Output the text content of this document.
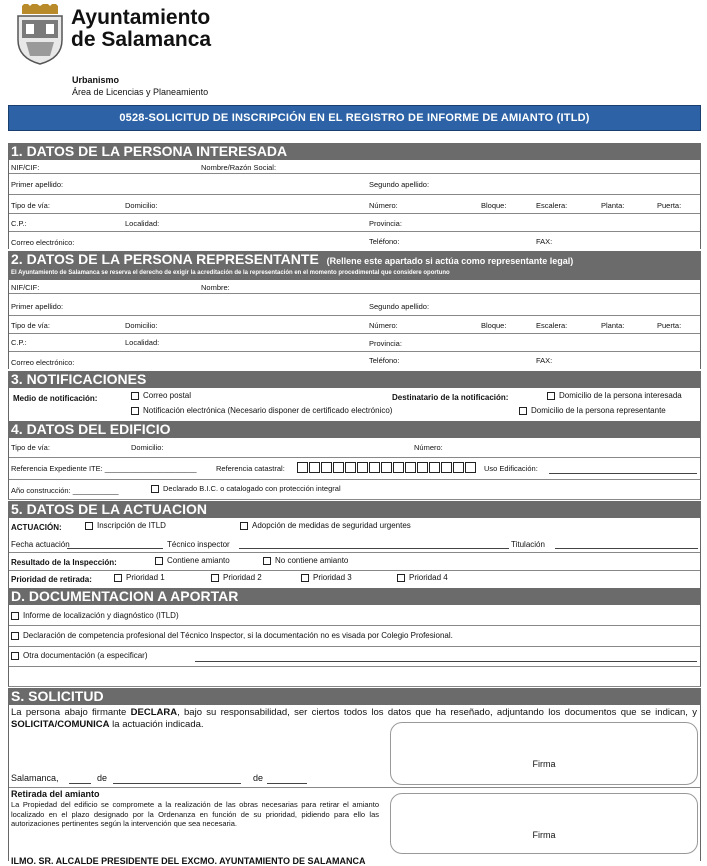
Ayuntamiento
de Salamanca
Urbanismo
Área de Licencias y Planeamiento
0528-SOLICITUD DE INSCRIPCIÓN EN EL REGISTRO DE INFORME DE AMIANTO (ITLD)
1. DATOS DE LA PERSONA INTERESADA
NIF/CIF:	Nombre/Razón Social:
Primer apellido:	Segundo apellido:
Tipo de vía:	Domicilio:	Número:	Bloque:	Escalera:	Planta:	Puerta:
C.P.:	Localidad:	Provincia:
Correo electrónico:	Teléfono:	FAX:
2. DATOS DE LA PERSONA REPRESENTANTE (Rellene este apartado si actúa como representante legal)
El Ayuntamiento de Salamanca se reserva el derecho de exigir la acreditación de la representación en el momento procedimental que considere oportuno
NIF/CIF:	Nombre:
Primer apellido:	Segundo apellido:
Tipo de vía:	Domicilio:	Número:	Bloque:	Escalera:	Planta:	Puerta:
C.P.:	Localidad:	Provincia:
Correo electrónico:	Teléfono:	FAX:
3. NOTIFICACIONES
Medio de notificación:	Correo postal
Notificación electrónica (Necesario disponer de certificado electrónico)
Destinatario de la notificación:	Domicilio de la persona interesada
Domicilio de la persona representante
4. DATOS DEL EDIFICIO
Tipo de vía:	Domicilio:	Número:
Referencia Expediente ITE: ______________________	Referencia catastral:	Uso Edificación:
Año construcción: ___________	Declarado B.I.C. o catalogado con protección integral
5. DATOS DE LA ACTUACION
ACTUACIÓN:	Inscripción de ITLD	Adopción de medidas de seguridad urgentes
Fecha actuación	Técnico inspector	Titulación
Resultado de la Inspección:	Contiene amianto	No contiene amianto
Prioridad de retirada:	Prioridad 1	Prioridad 2	Prioridad 3	Prioridad 4
D. DOCUMENTACION A APORTAR
Informe de localización y diagnóstico (ITLD)
Declaración de competencia profesional del Técnico Inspector, si la documentación no es visada por Colegio Profesional.
Otra documentación (a especificar)
S. SOLICITUD
La persona abajo firmante DECLARA, bajo su responsabilidad, ser ciertos todos los datos que ha reseñado, adjuntando los documentos que se indican, y SOLICITA/COMUNICA la actuación indicada.
Firma
Salamanca,	de	de
Retirada del amianto
La Propiedad del edificio se compromete a la realización de las obras necesarias para retirar el amianto localizado en el plazo designado por la Ordenanza en función de su prioridad, pidiendo para ello las autorizaciones pertinentes según la intervención que sea necesaria.
Firma
ILMO. SR. ALCALDE PRESIDENTE DEL EXCMO. AYUNTAMIENTO DE SALAMANCA
